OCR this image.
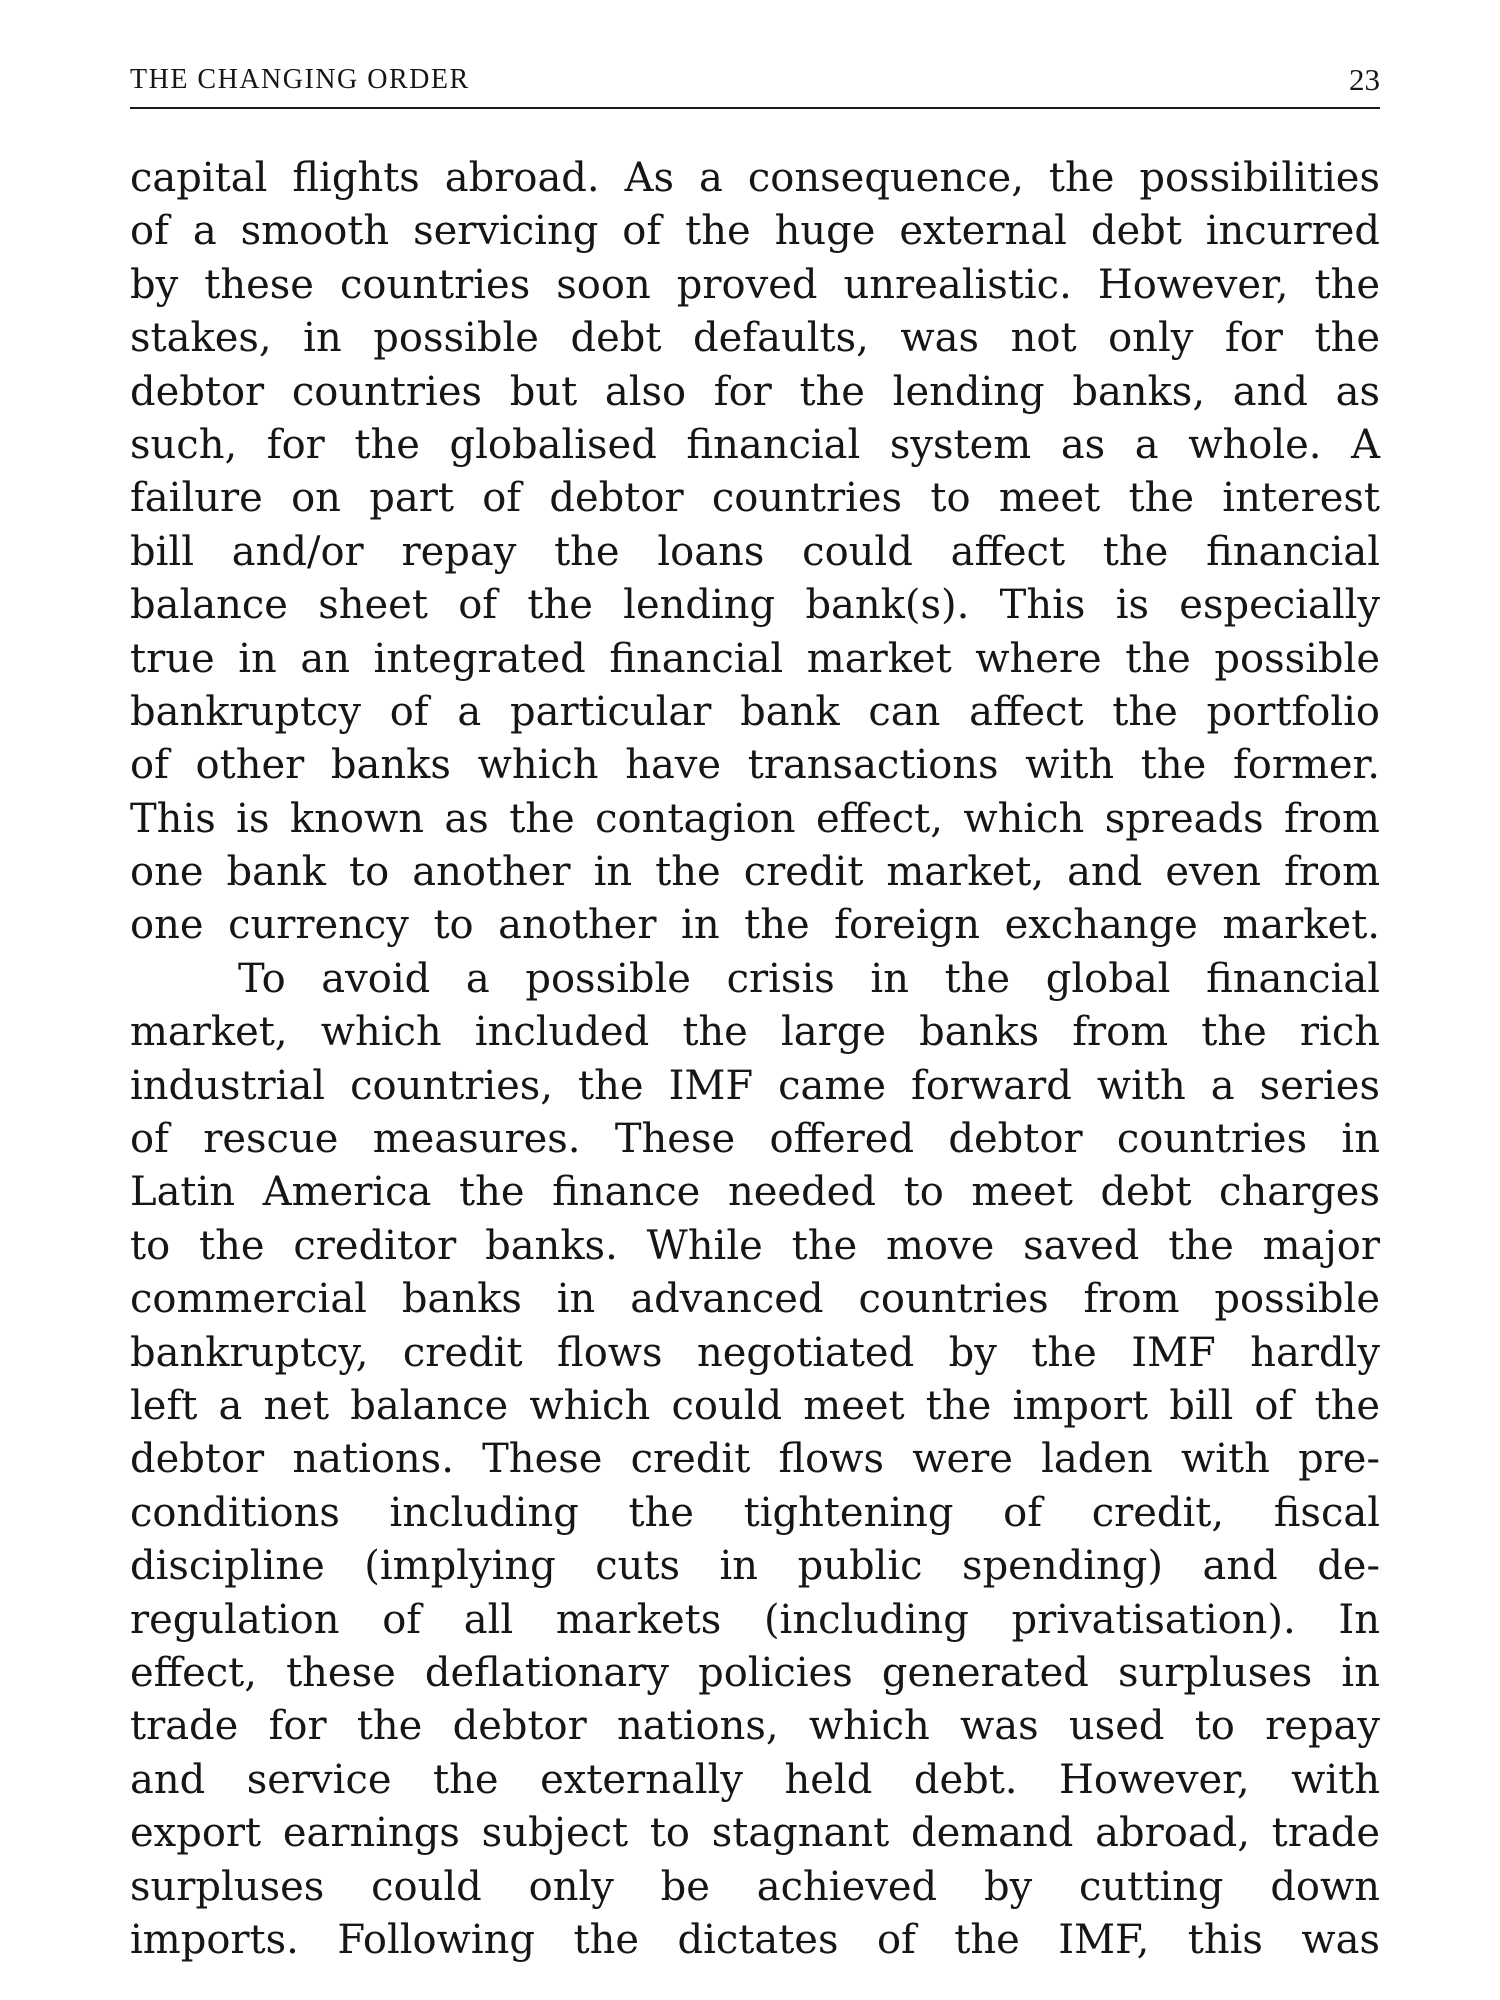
THE CHANGING ORDER	23
capital flights abroad. As a consequence, the possibilities
of a smooth servicing of the huge external debt incurred
by these countries soon proved unrealistic. However, the
stakes, in possible debt defaults, was not only for the
debtor countries but also for the lending banks, and as
such, for the globalised financial system as a whole. A
failure on part of debtor countries to meet the interest
bill and/or repay the loans could affect the financial
balance sheet of the lending bank(s). This is especially
true in an integrated financial market where the possible
bankruptcy of a particular bank can affect the portfolio
of other banks which have transactions with the former.
This is known as the contagion effect, which spreads from
one bank to another in the credit market, and even from
one currency to another in the foreign exchange market.
To avoid a possible crisis in the global financial
market, which included the large banks from the rich
industrial countries, the IMF came forward with a series
of rescue measures. These offered debtor countries in
Latin America the finance needed to meet debt charges
to the creditor banks. While the move saved the major
commercial banks in advanced countries from possible
bankruptcy, credit flows negotiated by the IMF hardly
left a net balance which could meet the import bill of the
debtor nations. These credit flows were laden with pre-
conditions including the tightening of credit, fiscal
discipline (implying cuts in public spending) and de-
regulation of all markets (including privatisation). In
effect, these deflationary policies generated surpluses in
trade for the debtor nations, which was used to repay
and service the externally held debt. However, with
export earnings subject to stagnant demand abroad, trade
surpluses could only be achieved by cutting down
imports. Following the dictates of the IMF, this was
